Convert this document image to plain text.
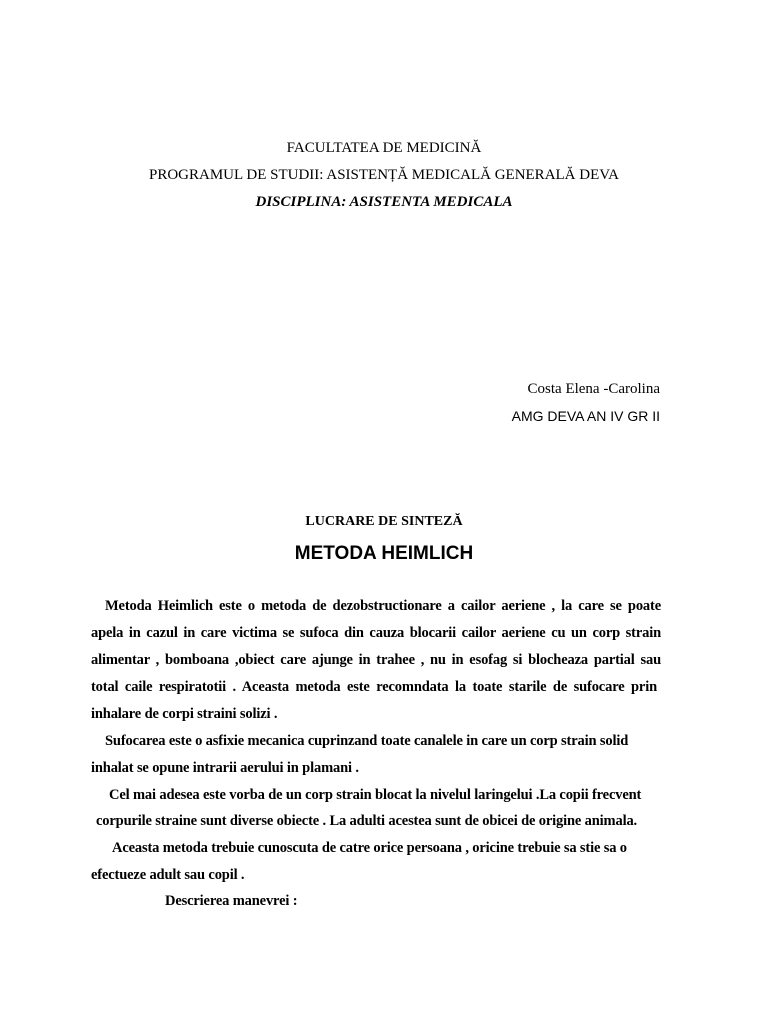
FACULTATEA DE MEDICINĂ
PROGRAMUL DE STUDII: ASISTENȚĂ MEDICALĂ GENERALĂ DEVA
DISCIPLINA: ASISTENTA MEDICALA
Costa Elena -Carolina
AMG DEVA AN IV GR II
LUCRARE DE SINTEZĂ
METODA HEIMLICH
Metoda Heimlich este o metoda de dezobstructionare a cailor aeriene , la care se poate
apela in cazul in care victima se sufoca din cauza blocarii cailor aeriene cu un corp strain
alimentar , bomboana ,obiect care ajunge in trahee , nu in esofag si blocheaza partial sau
total caile respiratotii . Aceasta metoda este recomndata la toate starile de sufocare prin
inhalare de corpi straini solizi .
Sufocarea este o asfixie mecanica cuprinzand toate canalele in care un corp strain solid
inhalat se opune intrarii aerului in plamani .
Cel mai adesea este vorba de un corp strain blocat la nivelul laringelui .La copii frecvent
corpurile straine sunt diverse obiecte . La adulti acestea sunt de obicei de origine animala.
Aceasta metoda trebuie cunoscuta de catre orice persoana , oricine trebuie sa stie sa o
efectueze adult sau copil .
Descrierea manevrei :
